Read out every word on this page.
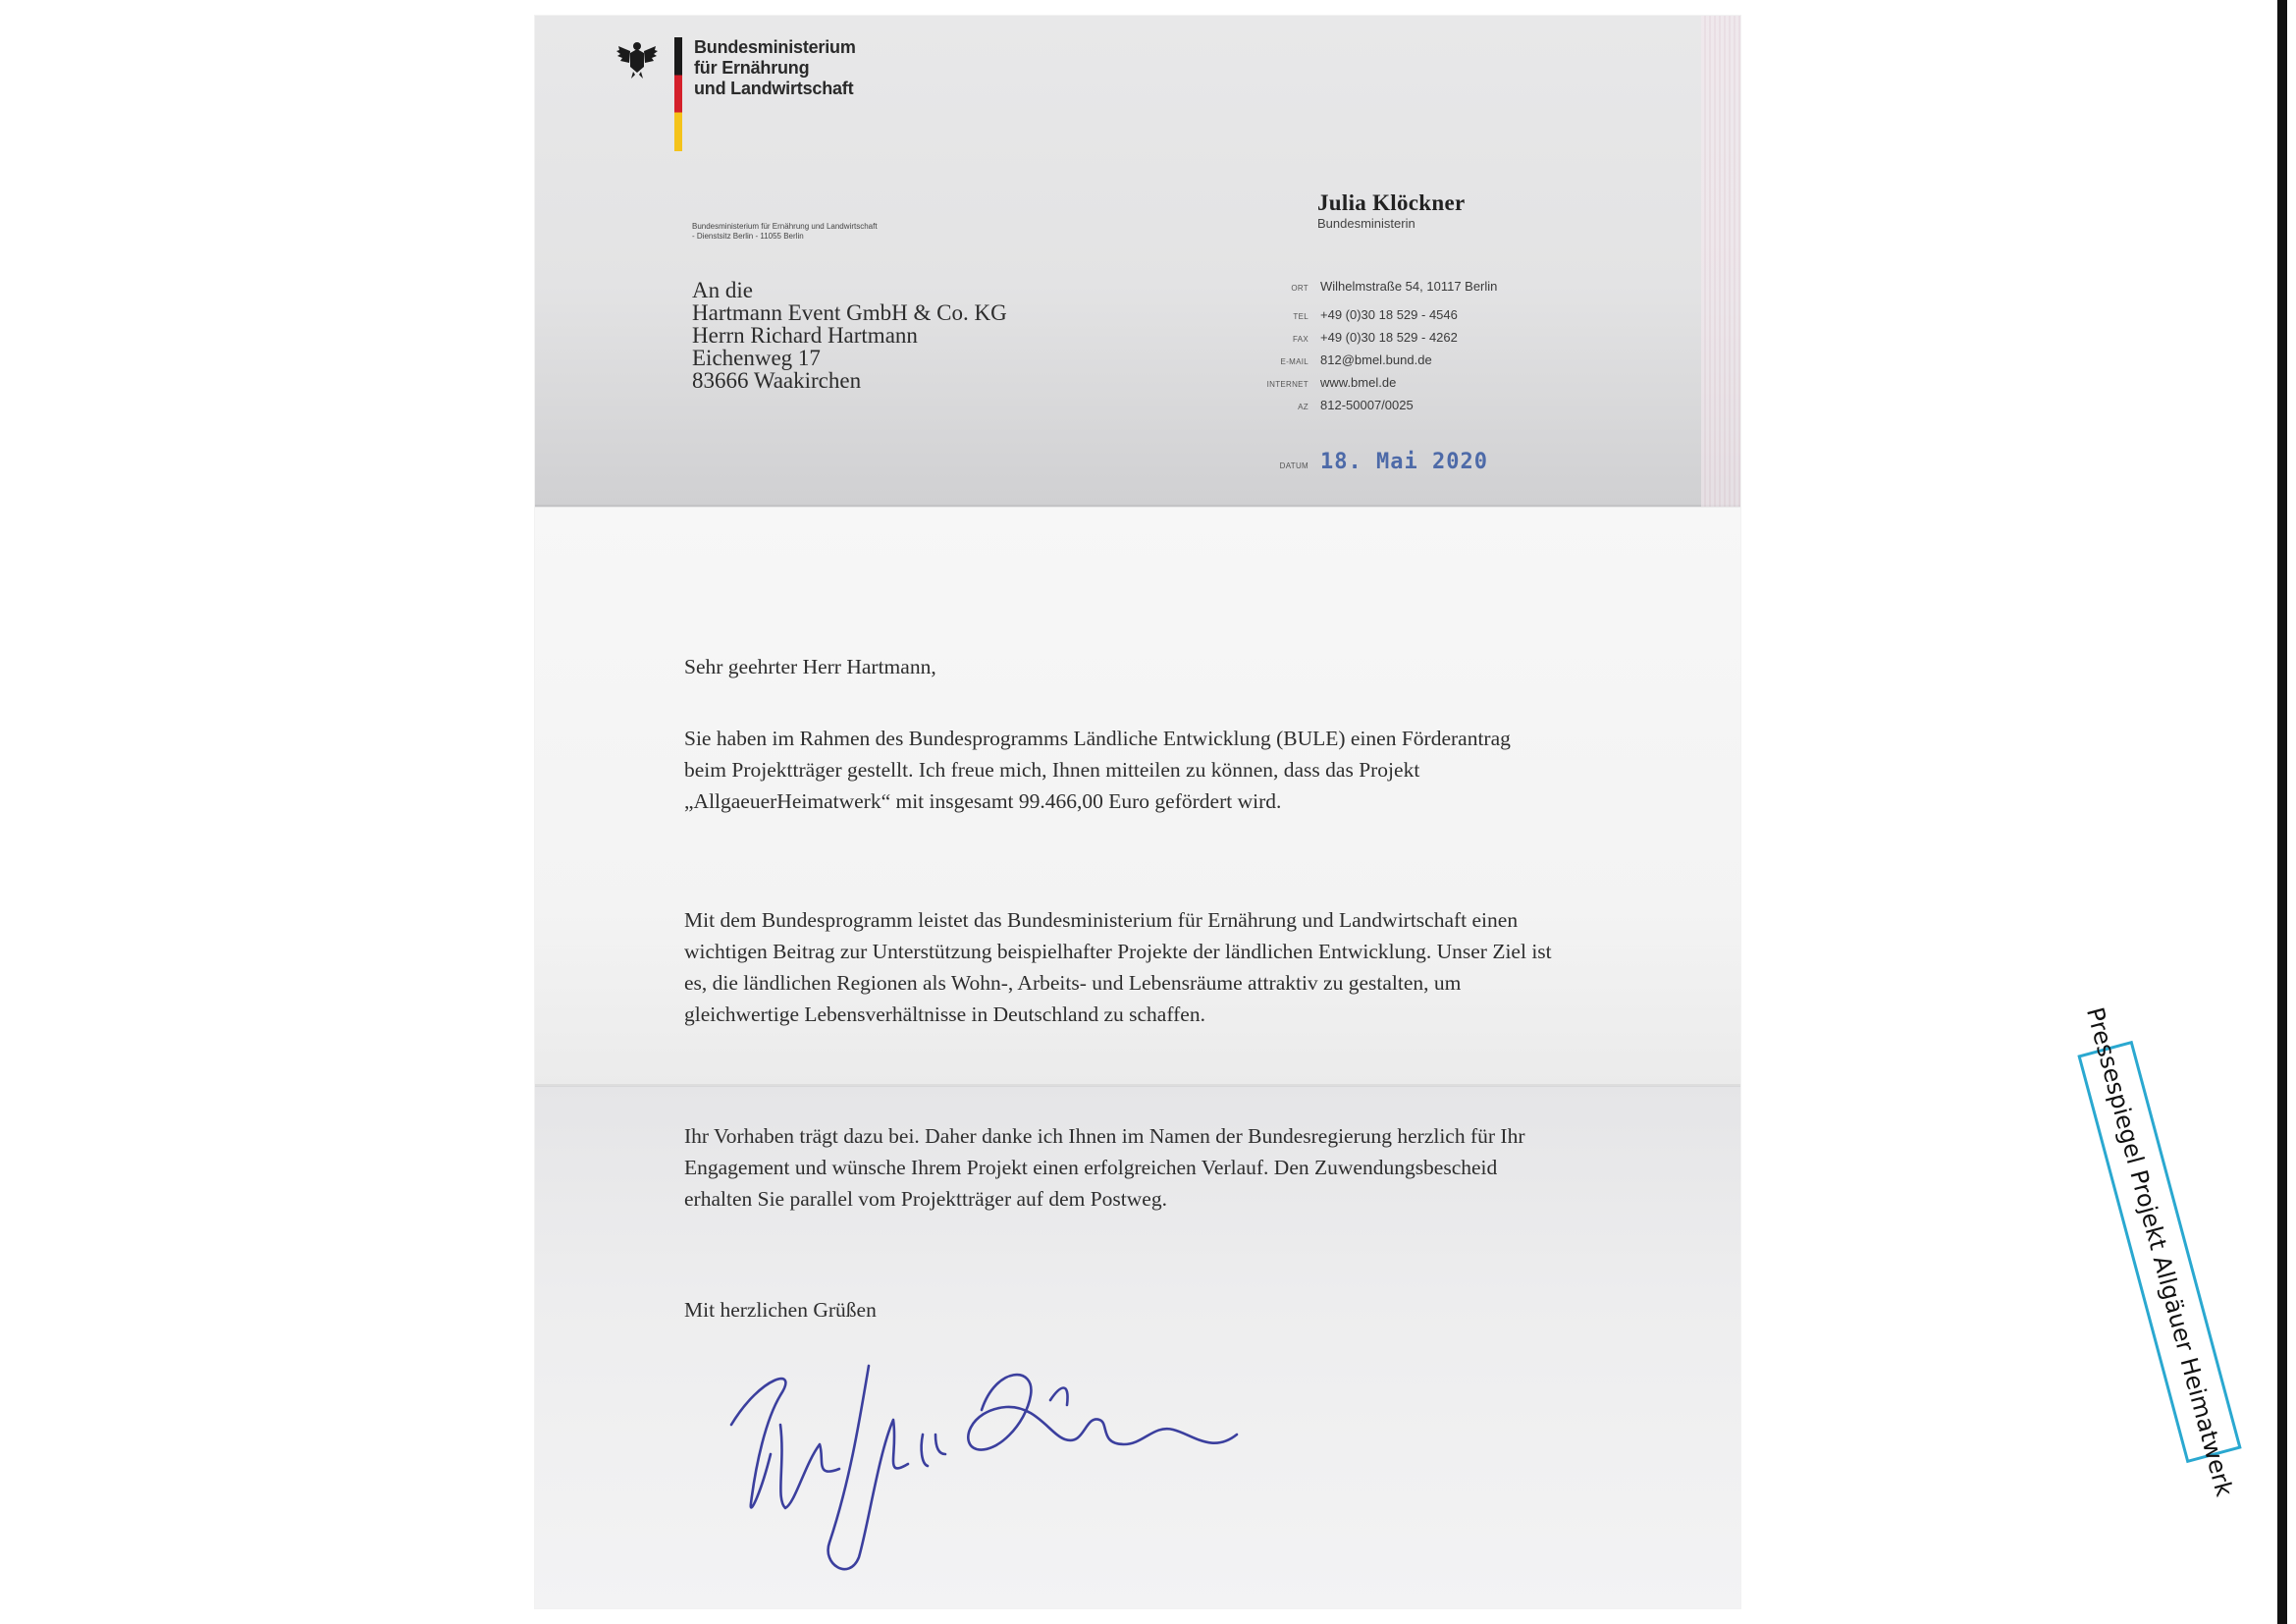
Bundesministerium
für Ernährung
und Landwirtschaft
Bundesministerium für Ernährung und Landwirtschaft
- Dienstsitz Berlin - 11055 Berlin
An die
Hartmann Event GmbH & Co. KG
Herrn Richard Hartmann
Eichenweg 17
83666 Waakirchen
Julia Klöckner
Bundesministerin
ORT Wilhelmstraße 54, 10117 Berlin
TEL +49 (0)30 18 529 - 4546
FAX +49 (0)30 18 529 - 4262
E-MAIL 812@bmel.bund.de
INTERNET www.bmel.de
AZ 812-50007/0025
DATUM 18. Mai 2020

Sehr geehrter Herr Hartmann,

Sie haben im Rahmen des Bundesprogramms Ländliche Entwicklung (BULE) einen Förderantrag beim Projektträger gestellt. Ich freue mich, Ihnen mitteilen zu können, dass das Projekt „AllgaeuerHeimatwerk“ mit insgesamt 99.466,00 Euro gefördert wird.

Mit dem Bundesprogramm leistet das Bundesministerium für Ernährung und Landwirtschaft einen wichtigen Beitrag zur Unterstützung beispielhafter Projekte der ländlichen Entwicklung. Unser Ziel ist es, die ländlichen Regionen als Wohn-, Arbeits- und Lebensräume attraktiv zu gestalten, um gleichwertige Lebensverhältnisse in Deutschland zu schaffen.

Ihr Vorhaben trägt dazu bei. Daher danke ich Ihnen im Namen der Bundesregierung herzlich für Ihr Engagement und wünsche Ihrem Projekt einen erfolgreichen Verlauf. Den Zuwendungsbescheid erhalten Sie parallel vom Projektträger auf dem Postweg.

Mit herzlichen Grüßen	Pressespiegel Projekt Allgäuer Heimatwerk
